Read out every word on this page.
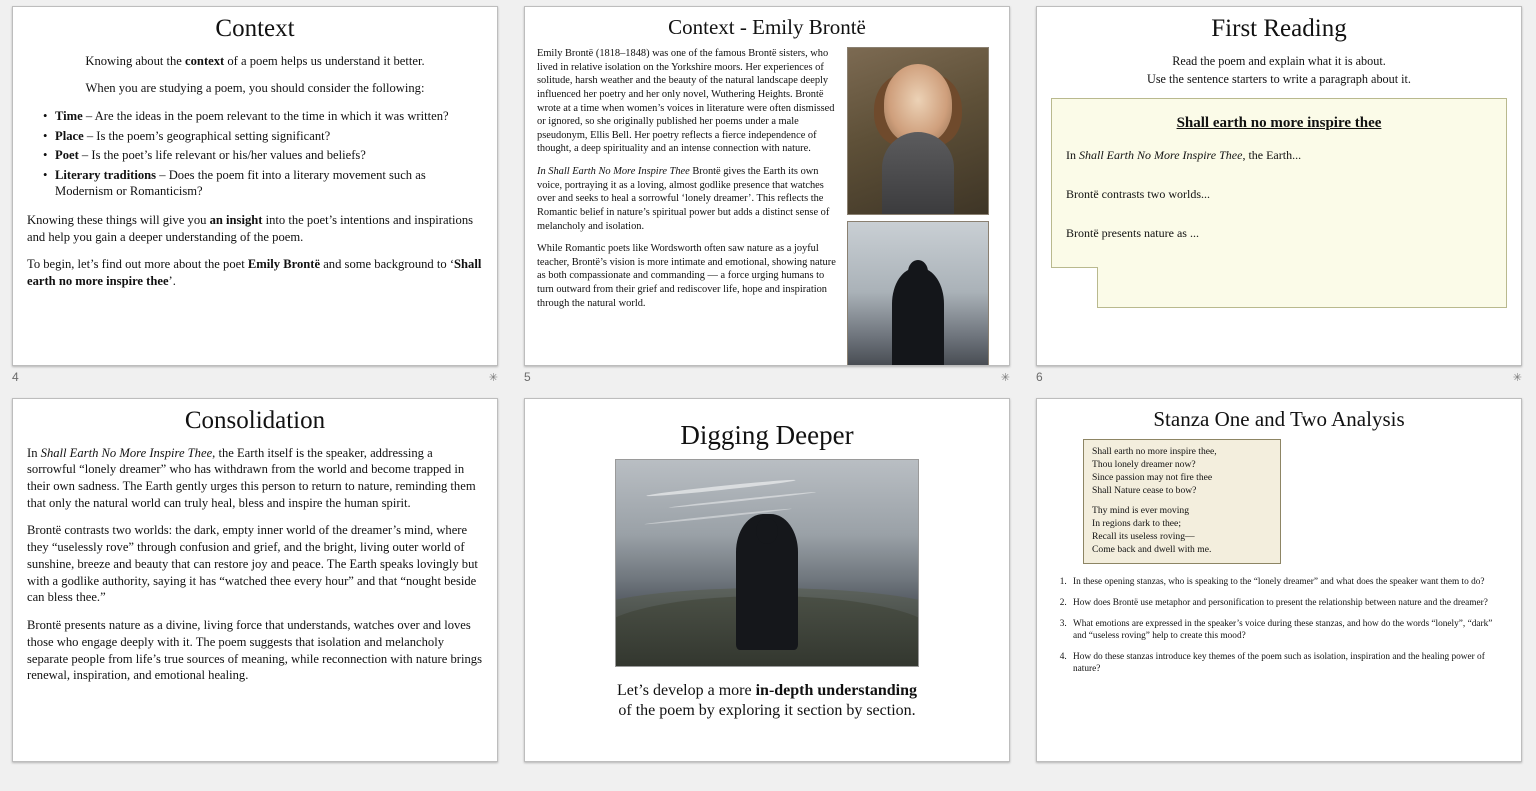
Context

Knowing about the context of a poem helps us understand it better.

When you are studying a poem, you should consider the following:

• Time – Are the ideas in the poem relevant to the time in which it was written?
• Place – Is the poem’s geographical setting significant?
• Poet – Is the poet’s life relevant or his/her values and beliefs?
• Literary traditions – Does the poem fit into a literary movement such as Modernism or Romanticism?

Knowing these things will give you an insight into the poet’s intentions and inspirations and help you gain a deeper understanding of the poem.

To begin, let’s find out more about the poet Emily Brontë and some background to ‘Shall earth no more inspire thee’.

4	✳
Context - Emily Brontë

Emily Brontë (1818–1848) was one of the famous Brontë sisters, who lived in relative isolation on the Yorkshire moors. Her experiences of solitude, harsh weather and the beauty of the natural landscape deeply influenced her poetry and her only novel, Wuthering Heights. Brontë wrote at a time when women’s voices in literature were often dismissed or ignored, so she originally published her poems under a male pseudonym, Ellis Bell. Her poetry reflects a fierce independence of thought, a deep spirituality and an intense connection with nature.

In Shall Earth No More Inspire Thee Brontë gives the Earth its own voice, portraying it as a loving, almost godlike presence that watches over and seeks to heal a sorrowful ‘lonely dreamer’. This reflects the Romantic belief in nature’s spiritual power but adds a distinct sense of melancholy and isolation.

While Romantic poets like Wordsworth often saw nature as a joyful teacher, Brontë’s vision is more intimate and emotional, showing nature as both compassionate and commanding — a force urging humans to turn outward from their grief and rediscover life, hope and inspiration through the natural world.

5	✳
First Reading

Read the poem and explain what it is about.

Use the sentence starters to write a paragraph about it.

Shall earth no more inspire thee

In Shall Earth No More Inspire Thee, the Earth...

Brontë contrasts two worlds...

Brontë presents nature as ...

6	✳
Consolidation

In Shall Earth No More Inspire Thee, the Earth itself is the speaker, addressing a sorrowful “lonely dreamer” who has withdrawn from the world and become trapped in their own sadness. The Earth gently urges this person to return to nature, reminding them that only the natural world can truly heal, bless and inspire the human spirit.

Brontë contrasts two worlds: the dark, empty inner world of the dreamer’s mind, where they “uselessly rove” through confusion and grief, and the bright, living outer world of sunshine, breeze and beauty that can restore joy and peace. The Earth speaks lovingly but with a godlike authority, saying it has “watched thee every hour” and that “nought beside can bless thee.”

Brontë presents nature as a divine, living force that understands, watches over and loves those who engage deeply with it. The poem suggests that isolation and melancholy separate people from life’s true sources of meaning, while reconnection with nature brings renewal, inspiration, and emotional healing.

Digging Deeper
Let’s develop a more in-depth understanding
of the poem by exploring it section by section.
Stanza One and Two Analysis

Shall earth no more inspire thee,
Thou lonely dreamer now?
Since passion may not fire thee
Shall Nature cease to bow?

Thy mind is ever moving
In regions dark to thee;
Recall its useless roving—
Come back and dwell with me.

1. In these opening stanzas, who is speaking to the “lonely dreamer” and what does the speaker want them to do?
2. How does Brontë use metaphor and personification to present the relationship between nature and the dreamer?
3. What emotions are expressed in the speaker’s voice during these stanzas, and how do the words “lonely”, “dark” and “useless roving” help to create this mood?
4. How do these stanzas introduce key themes of the poem such as isolation, inspiration and the healing power of nature?
